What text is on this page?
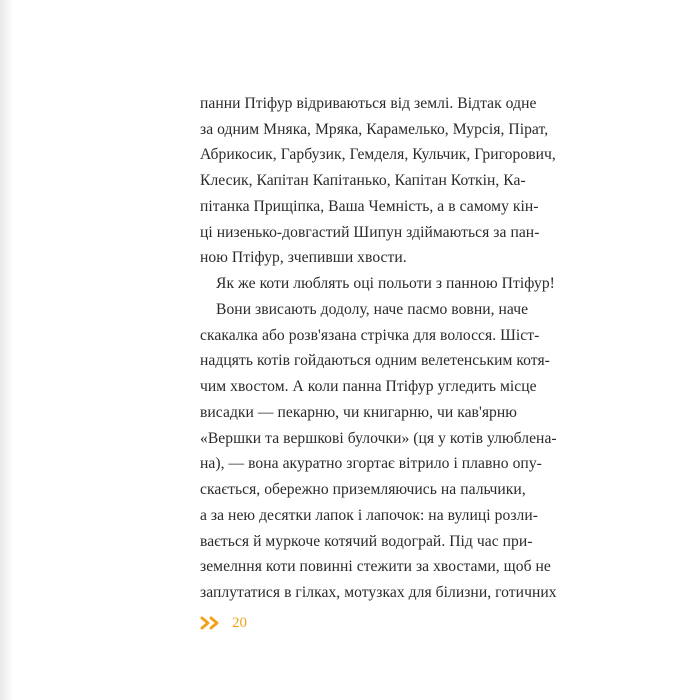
панни Птіфур відриваються від землі. Відтак одне
за одним Мняка, Мряка, Карамелько, Мурсія, Пірат,
Абрикосик, Гарбузик, Гемделя, Кульчик, Григорович,
Клесик, Капітан Капітанько, Капітан Коткін, Ка-
пітанка Прищіпка, Ваша Чемність, а в самому кін-
ці низенько-довгастий Шипун здіймаються за пан-
ною Птіфур, зчепивши хвости.
Як же коти люблять оці польоти з панною Птіфур!
Вони звисають додолу, наче пасмо вовни, наче
скакалка або розв'язана стрічка для волосся. Шіст-
надцять котів гойдаються одним велетенським котя-
чим хвостом. А коли панна Птіфур угледить місце
висадки — пекарню, чи книгарню, чи кав'ярню
«Вершки та вершкові булочки» (ця у котів улюблена-
на), — вона акуратно згортає вітрило і плавно опу-
скається, обережно приземляючись на пальчики,
а за нею десятки лапок і лапочок: на вулиці розли-
вається й муркоче котячий водограй. Під час при-
земелння коти повинні стежити за хвостами, щоб не
заплутатися в гілках, мотузках для білизни, готичних
20
